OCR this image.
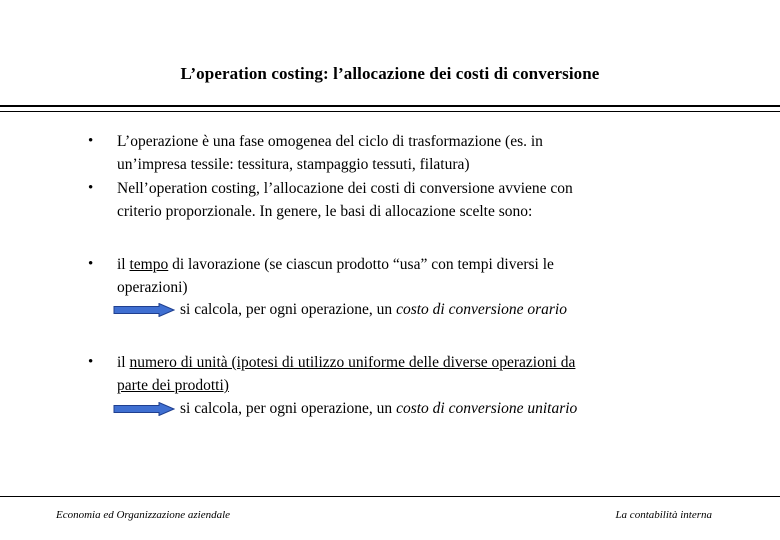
L’operation costing: l’allocazione dei costi di conversione
• L’operazione è una fase omogenea del ciclo di trasformazione (es. in
un’impresa tessile: tessitura, stampaggio tessuti, filatura)
• Nell’operation costing, l’allocazione dei costi di conversione avviene con
criterio proporzionale. In genere, le basi di allocazione scelte sono:
• il tempo di lavorazione (se ciascun prodotto “usa” con tempi diversi le
operazioni)
si calcola, per ogni operazione, un costo di conversione orario
• il numero di unità (ipotesi di utilizzo uniforme delle diverse operazioni da
parte dei prodotti)
si calcola, per ogni operazione, un costo di conversione unitario
Economia ed Organizzazione aziendale	La contabilità interna
